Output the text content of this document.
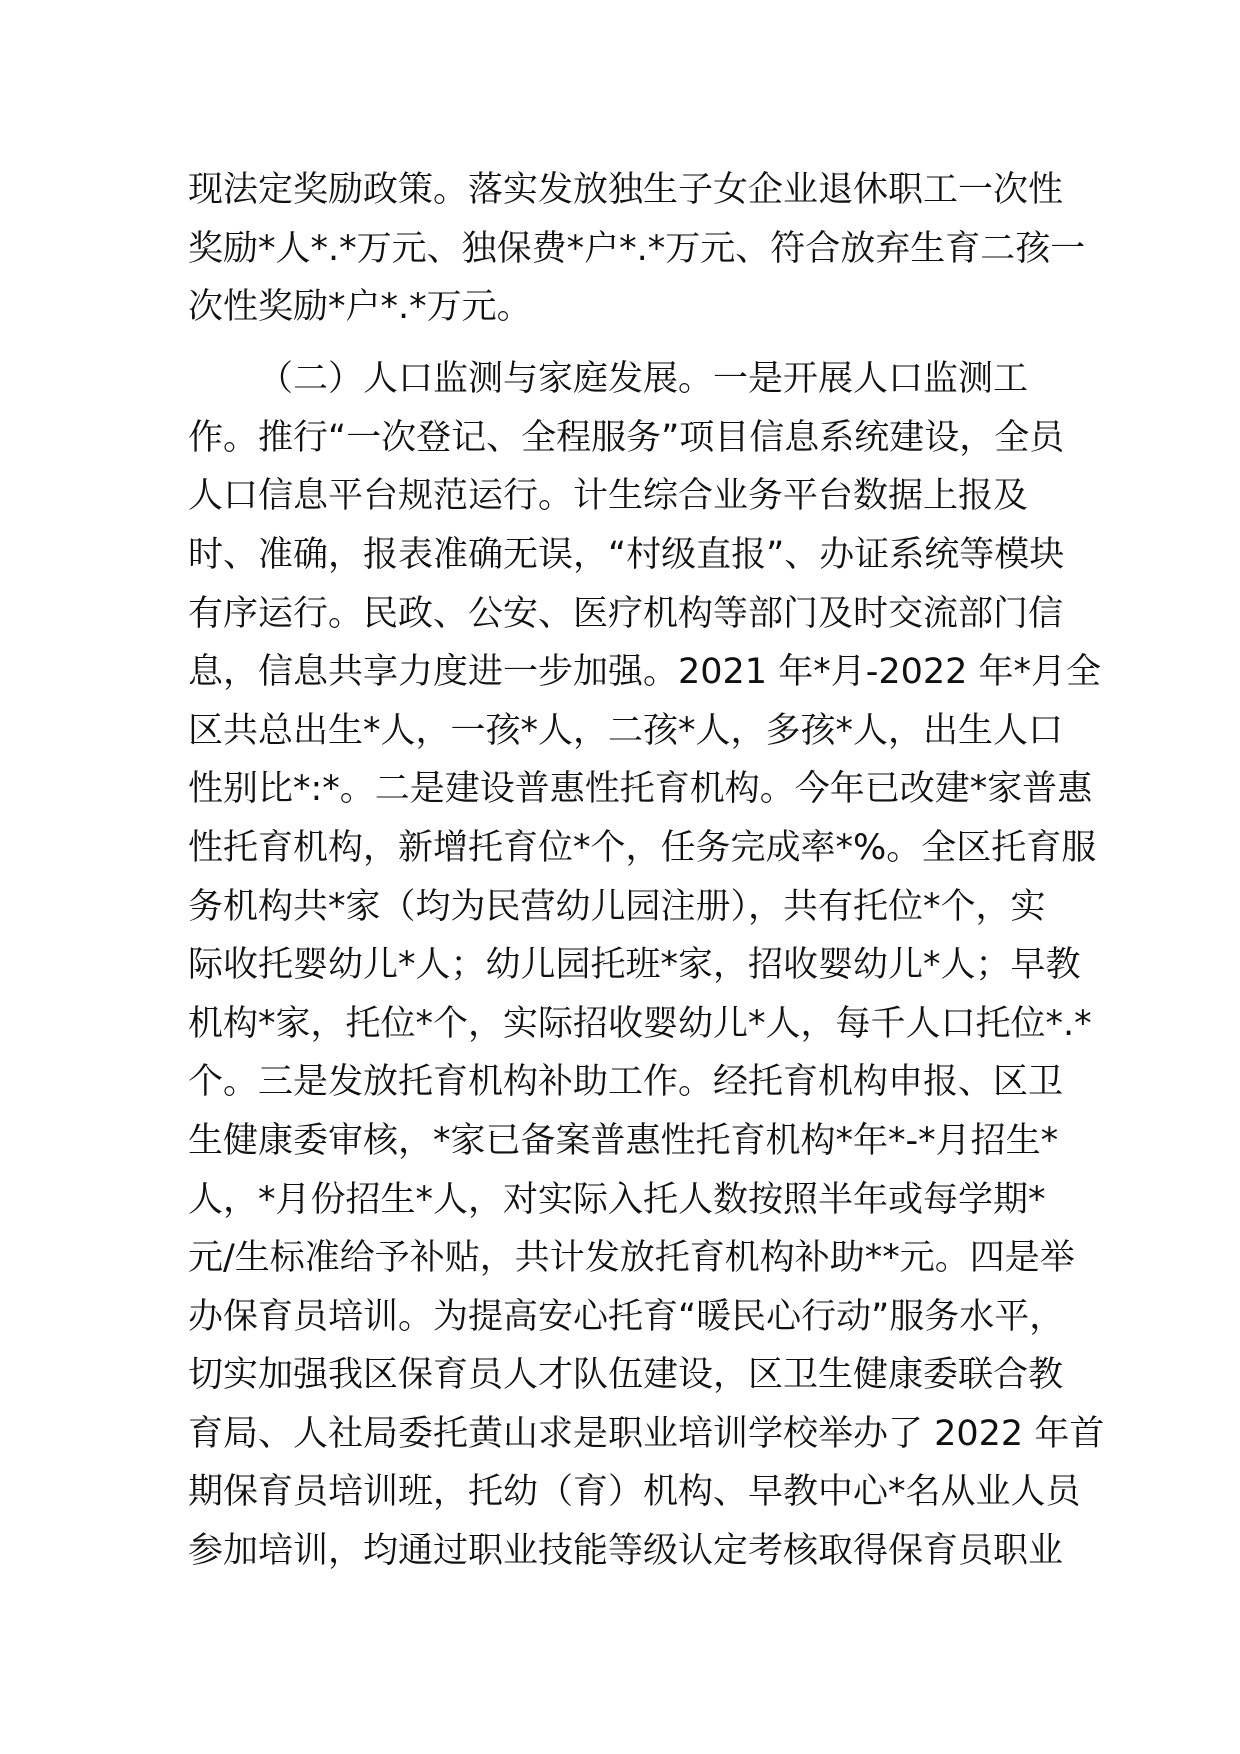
现法定奖励政策。落实发放独生子女企业退休职工一次性
奖励*人*.*万元、独保费*户*.*万元、符合放弃生育二孩一
次性奖励*户*.*万元。
（二）人口监测与家庭发展。一是开展人口监测工
作。推行“一次登记、全程服务”项目信息系统建设，全员
人口信息平台规范运行。计生综合业务平台数据上报及
时、准确，报表准确无误，“村级直报”、办证系统等模块
有序运行。民政、公安、医疗机构等部门及时交流部门信
息，信息共享力度进一步加强。2021 年*月-2022 年*月全
区共总出生*人，一孩*人，二孩*人，多孩*人，出生人口
性别比*:*。二是建设普惠性托育机构。今年已改建*家普惠
性托育机构，新增托育位*个，任务完成率*%。全区托育服
务机构共*家（均为民营幼儿园注册），共有托位*个，实
际收托婴幼儿*人；幼儿园托班*家，招收婴幼儿*人；早教
机构*家，托位*个，实际招收婴幼儿*人，每千人口托位*.*
个。三是发放托育机构补助工作。经托育机构申报、区卫
生健康委审核，*家已备案普惠性托育机构*年*-*月招生*
人，*月份招生*人，对实际入托人数按照半年或每学期*
元/生标准给予补贴，共计发放托育机构补助**元。四是举
办保育员培训。为提高安心托育“暖民心行动”服务水平，
切实加强我区保育员人才队伍建设，区卫生健康委联合教
育局、人社局委托黄山求是职业培训学校举办了 2022 年首
期保育员培训班，托幼（育）机构、早教中心*名从业人员
参加培训，均通过职业技能等级认定考核取得保育员职业
